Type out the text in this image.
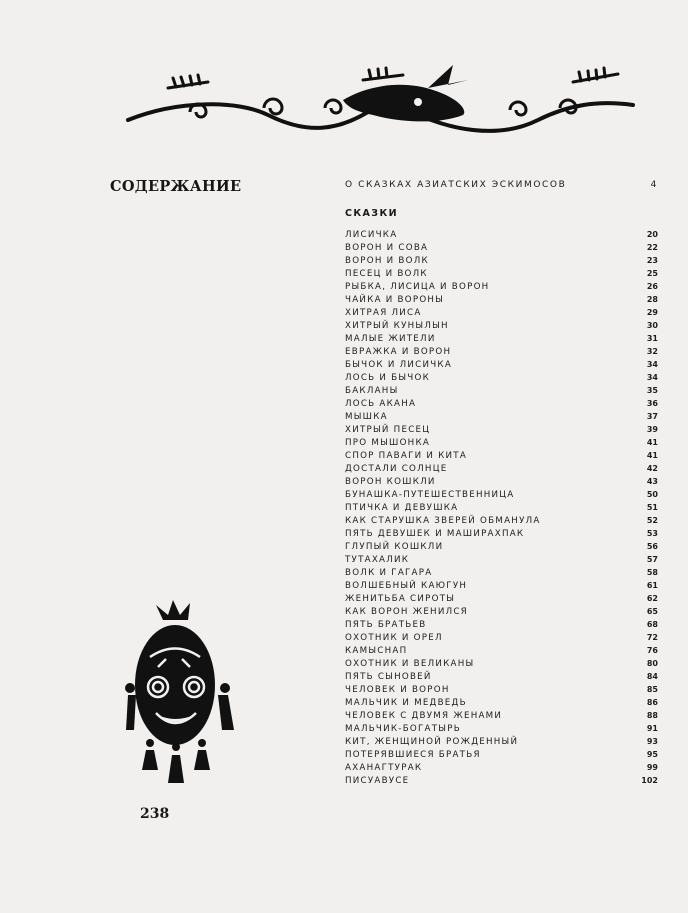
СОДЕРЖАНИЕ	О СКАЗКАХ АЗИАТСКИХ ЭСКИМОСОВ	4
СКАЗКИ
ЛИСИЧКА	20
ВОРОН И СОВА	22
ВОРОН И ВОЛК	23
ПЕСЕЦ И ВОЛК	25
РЫБКА, ЛИСИЦА И ВОРОН	26
ЧАЙКА И ВОРОНЫ	28
ХИТРАЯ ЛИСА	29
ХИТРЫЙ КУНЫЛЫН	30
МАЛЫЕ ЖИТЕЛИ	31
ЕВРАЖКА И ВОРОН	32
БЫЧОК И ЛИСИЧКА	34
ЛОСЬ И БЫЧОК	34
БАКЛАНЫ	35
ЛОСЬ АКАНА	36
МЫШКА	37
ХИТРЫЙ ПЕСЕЦ	39
ПРО МЫШОНКА	41
СПОР ПАВАГИ И КИТА	41
ДОСТАЛИ СОЛНЦЕ	42
ВОРОН КОШКЛИ	43
БУНАШКА-ПУТЕШЕСТВЕННИЦА	50
ПТИЧКА И ДЕВУШКА	51
КАК СТАРУШКА ЗВЕРЕЙ ОБМАНУЛА	52
ПЯТЬ ДЕВУШЕК И МАШИРАХПАК	53
ГЛУПЫЙ КОШКЛИ	56
ТУТАХАЛИК	57
ВОЛК И ГАГАРА	58
ВОЛШЕБНЫЙ КАЮГУН	61
ЖЕНИТЬБА СИРОТЫ	62
КАК ВОРОН ЖЕНИЛСЯ	65
ПЯТЬ БРАТЬЕВ	68
ОХОТНИК И ОРЕЛ	72
КАМЫСНАП	76
ОХОТНИК И ВЕЛИКАНЫ	80
ПЯТЬ СЫНОВЕЙ	84
ЧЕЛОВЕК И ВОРОН	85
МАЛЬЧИК И МЕДВЕДЬ	86
ЧЕЛОВЕК С ДВУМЯ ЖЕНАМИ	88
МАЛЬЧИК-БОГАТЫРЬ	91
КИТ, ЖЕНЩИНОЙ РОЖДЕННЫЙ	93
ПОТЕРЯВШИЕСЯ БРАТЬЯ	95
АХАНАГТУРАК	99
ПИСУАВУСЕ	102
238
